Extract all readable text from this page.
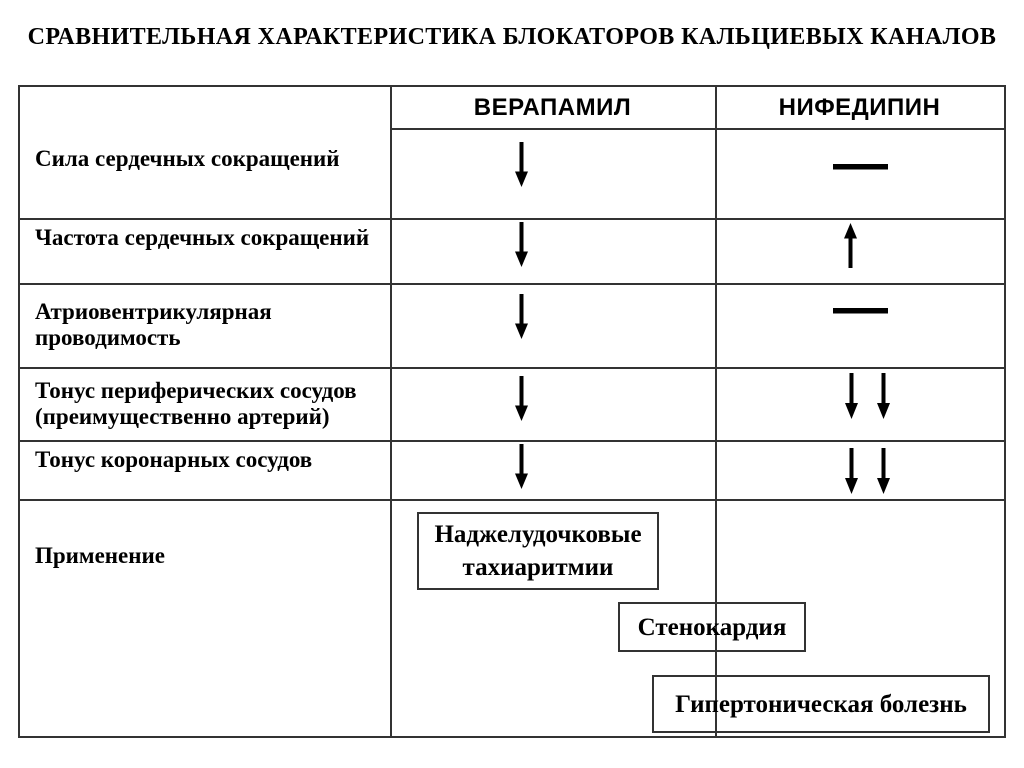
СРАВНИТЕЛЬНАЯ ХАРАКТЕРИСТИКА БЛОКАТОРОВ КАЛЬЦИЕВЫХ КАНАЛОВ
ВЕРАПАМИЛ	НИФЕДИПИН
Сила сердечных сокращений
Частота сердечных сокращений
Атриовентрикулярная проводимость
Тонус периферических сосудов (преимущественно артерий)
Тонус коронарных сосудов
Применение
Наджелудочковые тахиаритмии
Стенокардия
Гипертоническая болезнь
